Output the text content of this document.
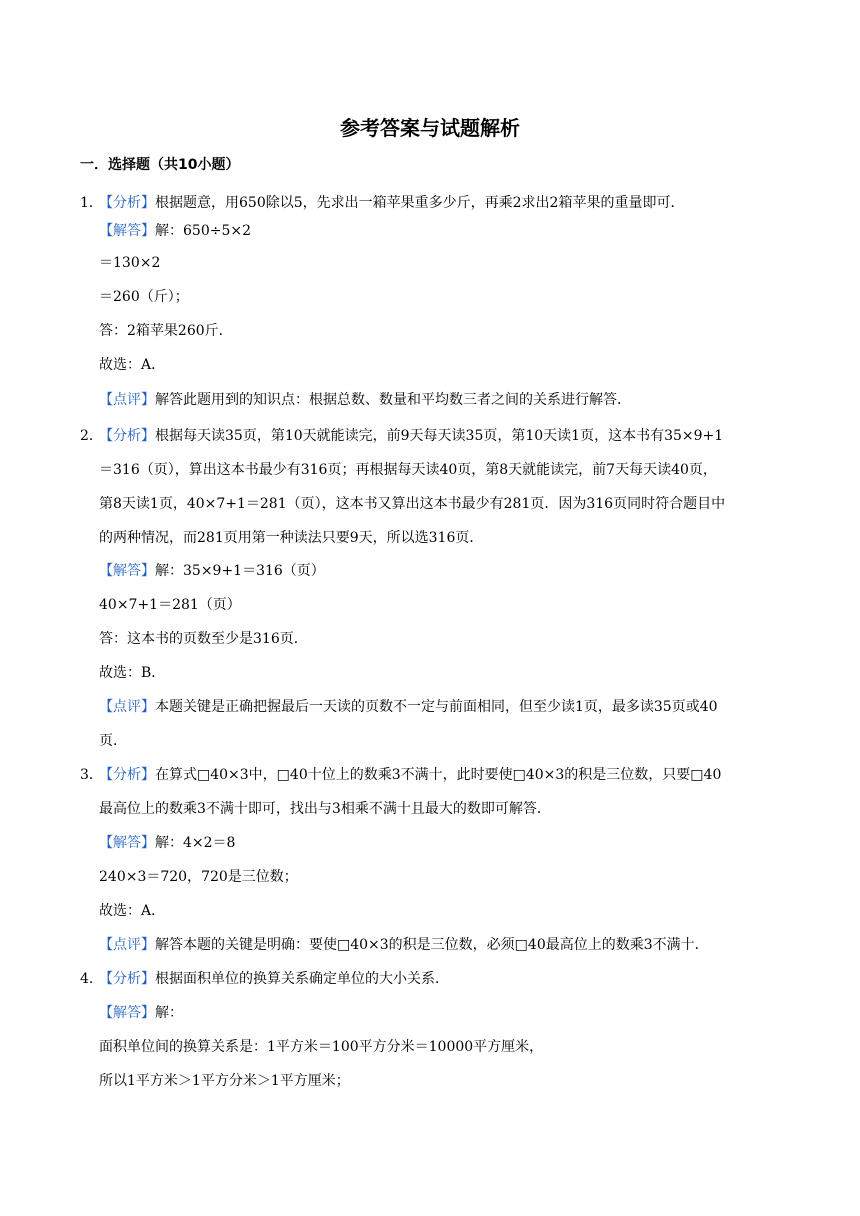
参考答案与试题解析
一．选择题（共10小题）
1．
【分析】根据题意，用650除以5，先求出一箱苹果重多少斤，再乘2求出2箱苹果的重量即可．
【解答】解：650÷5×2
＝130×2
＝260（斤）；
答：2箱苹果260斤．
故选：A．
【点评】解答此题用到的知识点：根据总数、数量和平均数三者之间的关系进行解答．
2．
【分析】根据每天读35页，第10天就能读完，前9天每天读35页，第10天读1页，这本书有35×9+1
＝316（页），算出这本书最少有316页；再根据每天读40页，第8天就能读完，前7天每天读40页，
第8天读1页，40×7+1＝281（页），这本书又算出这本书最少有281页．因为316页同时符合题目中
的两种情况，而281页用第一种读法只要9天，所以选316页．
【解答】解：35×9+1＝316（页）
40×7+1＝281（页）
答：这本书的页数至少是316页．
故选：B．
【点评】本题关键是正确把握最后一天读的页数不一定与前面相同，但至少读1页，最多读35页或40
页．
3．
【分析】在算式□40×3中，□40十位上的数乘3不满十，此时要使□40×3的积是三位数，只要□40
最高位上的数乘3不满十即可，找出与3相乘不满十且最大的数即可解答．
【解答】解：4×2＝8
240×3＝720，720是三位数；
故选：A．
【点评】解答本题的关键是明确：要使□40×3的积是三位数，必须□40最高位上的数乘3不满十．
4．
【分析】根据面积单位的换算关系确定单位的大小关系．
【解答】解：
面积单位间的换算关系是：1平方米＝100平方分米＝10000平方厘米，
所以1平方米＞1平方分米＞1平方厘米；
